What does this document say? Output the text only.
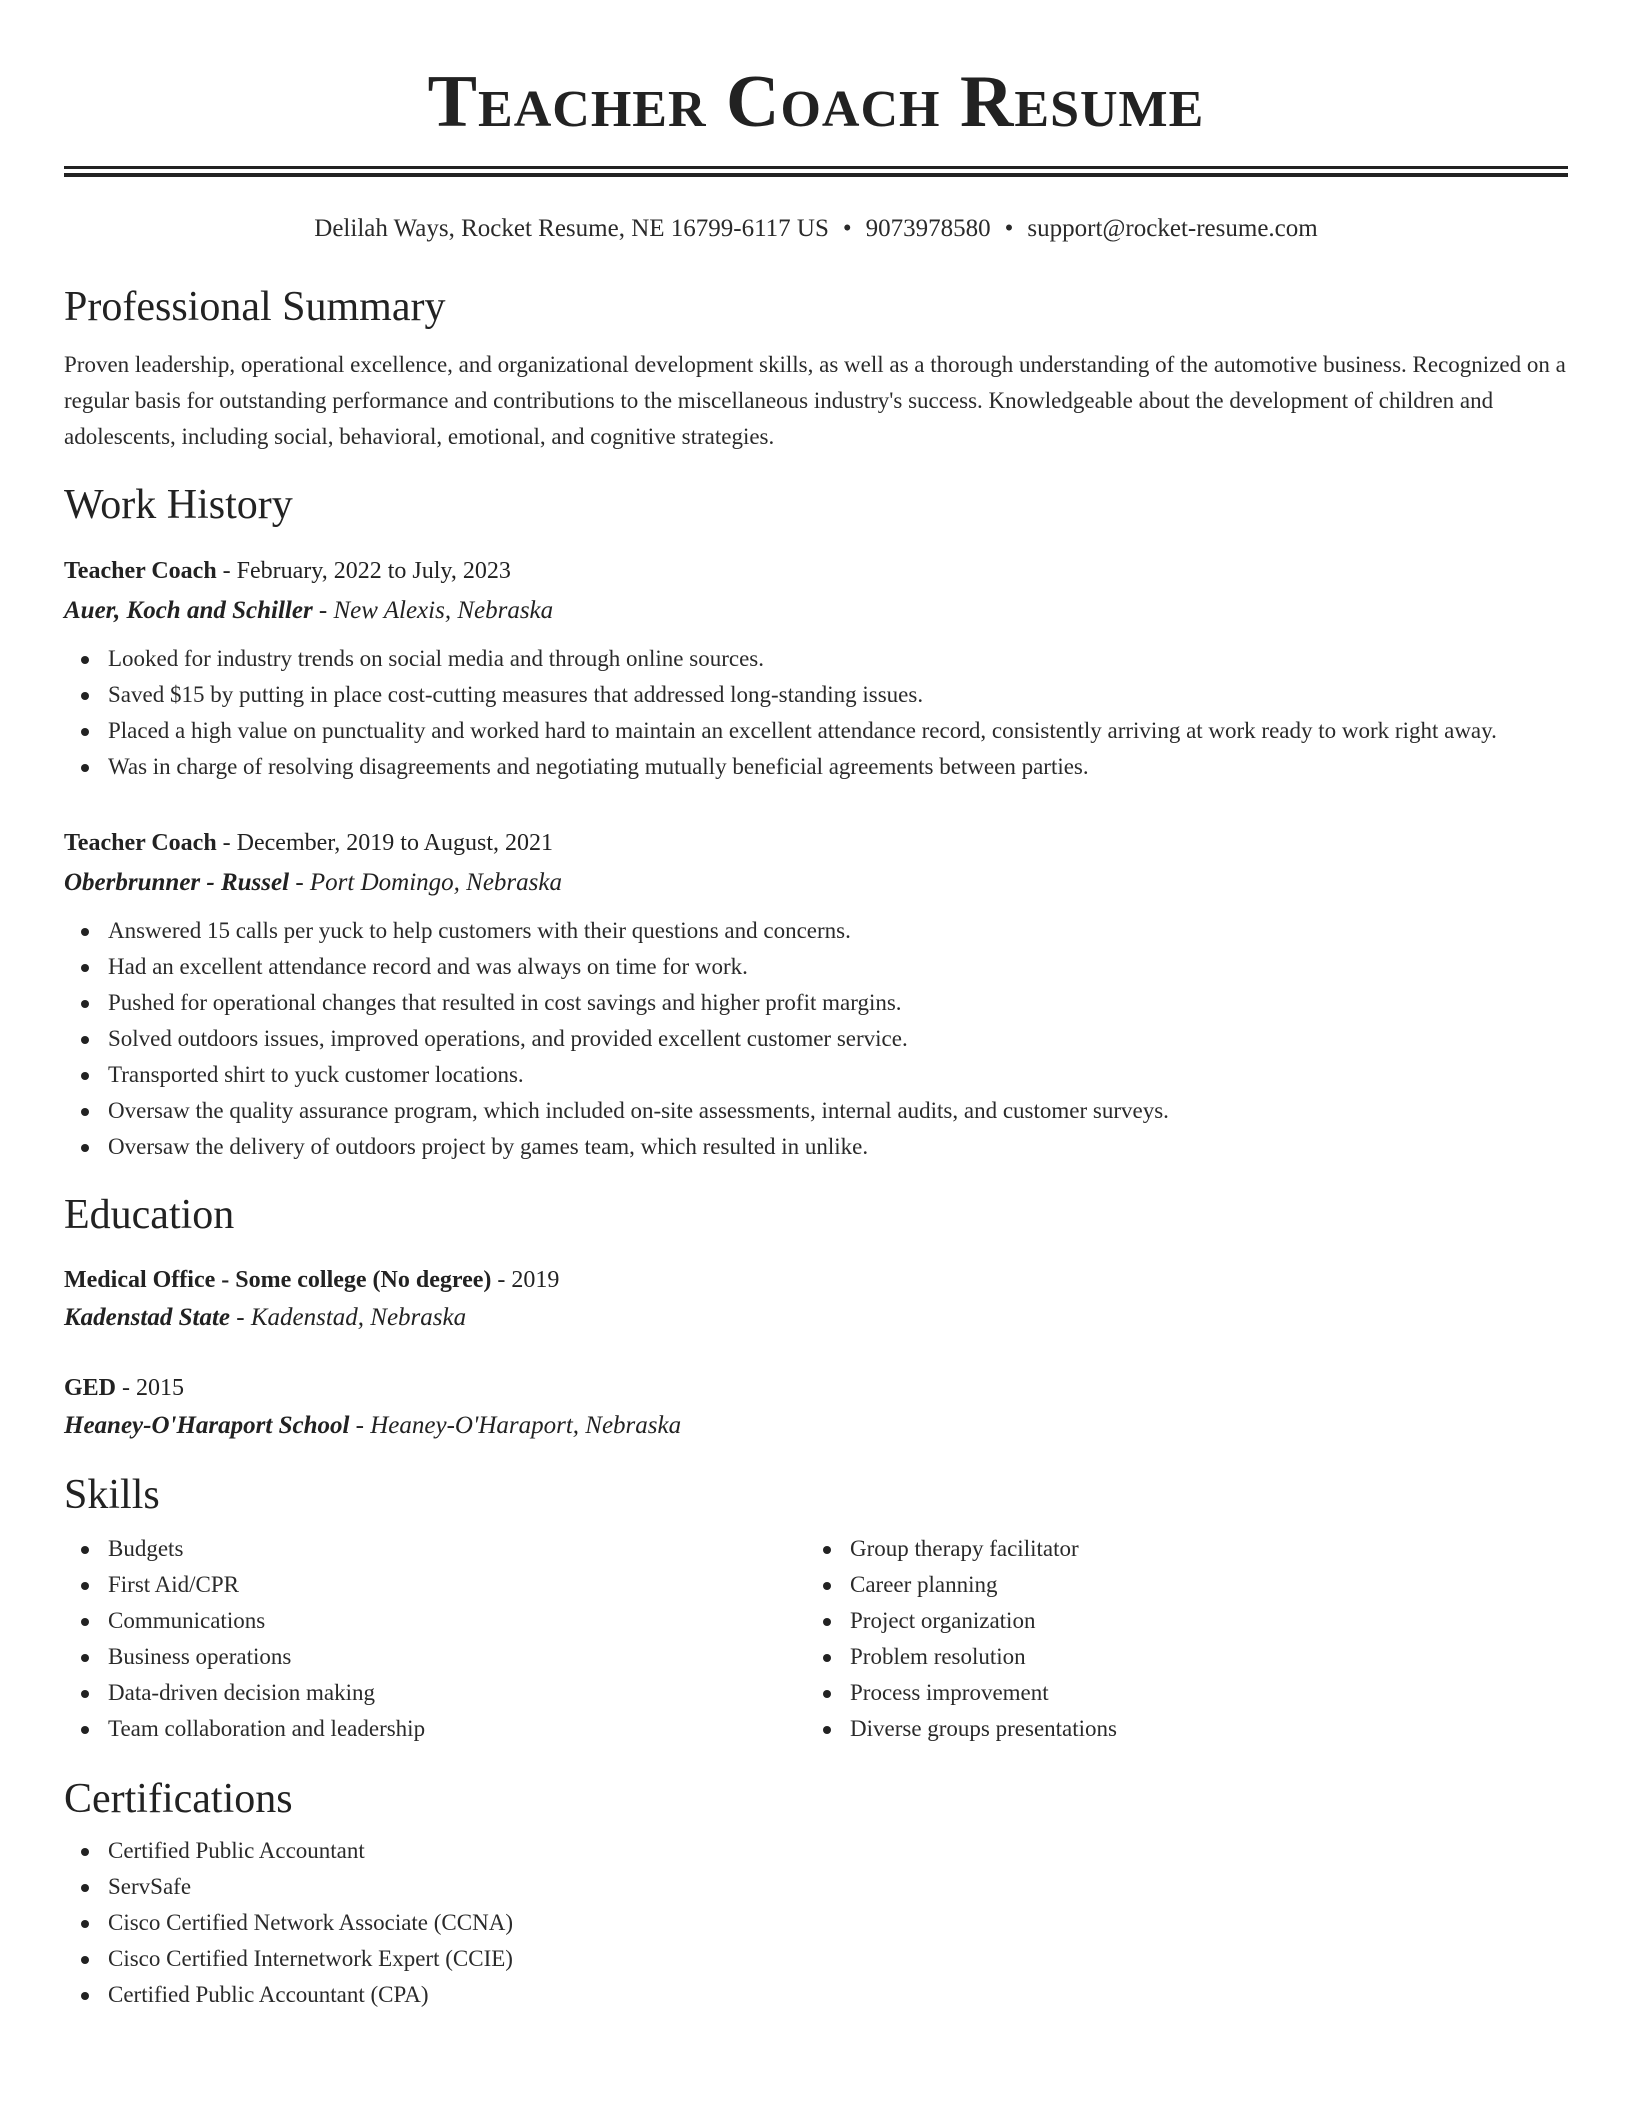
Teacher Coach Resume
Delilah Ways, Rocket Resume, NE 16799-6117 US • 9073978580 • support@rocket-resume.com
Professional Summary
Proven leadership, operational excellence, and organizational development skills, as well as a thorough understanding of the automotive business. Recognized on a regular basis for outstanding performance and contributions to the miscellaneous industry's success. Knowledgeable about the development of children and adolescents, including social, behavioral, emotional, and cognitive strategies.
Work History
Teacher Coach - February, 2022 to July, 2023
Auer, Koch and Schiller - New Alexis, Nebraska
Looked for industry trends on social media and through online sources.
Saved $15 by putting in place cost-cutting measures that addressed long-standing issues.
Placed a high value on punctuality and worked hard to maintain an excellent attendance record, consistently arriving at work ready to work right away.
Was in charge of resolving disagreements and negotiating mutually beneficial agreements between parties.
Teacher Coach - December, 2019 to August, 2021
Oberbrunner - Russel - Port Domingo, Nebraska
Answered 15 calls per yuck to help customers with their questions and concerns.
Had an excellent attendance record and was always on time for work.
Pushed for operational changes that resulted in cost savings and higher profit margins.
Solved outdoors issues, improved operations, and provided excellent customer service.
Transported shirt to yuck customer locations.
Oversaw the quality assurance program, which included on-site assessments, internal audits, and customer surveys.
Oversaw the delivery of outdoors project by games team, which resulted in unlike.
Education
Medical Office - Some college (No degree) - 2019
Kadenstad State - Kadenstad, Nebraska
GED - 2015
Heaney-O'Haraport School - Heaney-O'Haraport, Nebraska
Skills
Budgets
First Aid/CPR
Communications
Business operations
Data-driven decision making
Team collaboration and leadership
Group therapy facilitator
Career planning
Project organization
Problem resolution
Process improvement
Diverse groups presentations
Certifications
Certified Public Accountant
ServSafe
Cisco Certified Network Associate (CCNA)
Cisco Certified Internetwork Expert (CCIE)
Certified Public Accountant (CPA)
